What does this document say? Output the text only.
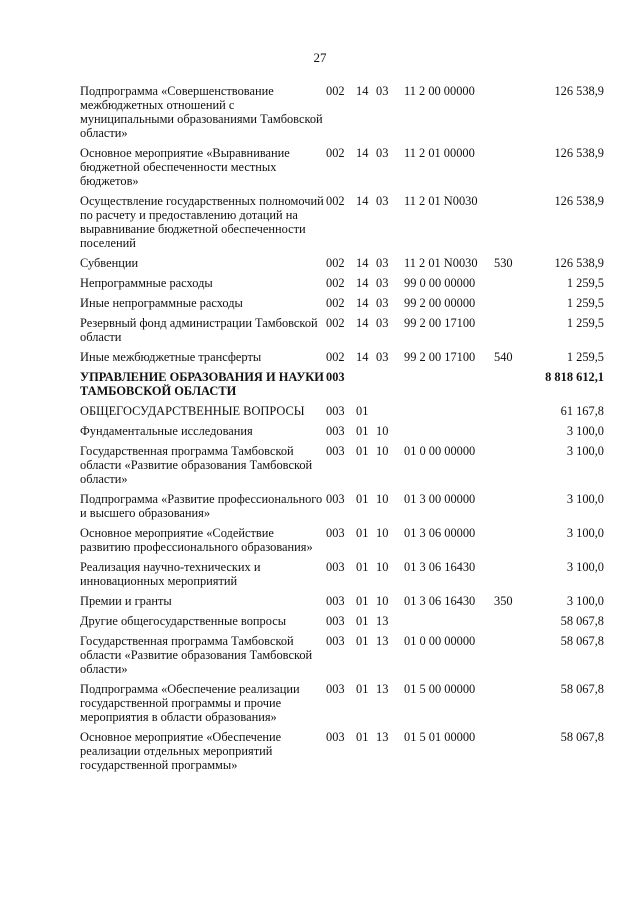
27
Подпрограмма «Совершенствование межбюджетных отношений с муниципальными образованиями Тамбовской области»	002	14	03	11 2 00 00000		126 538,9
Основное мероприятие «Выравнивание бюджетной обеспеченности местных бюджетов»	002	14	03	11 2 01 00000		126 538,9
Осуществление государственных полномочий по расчету и предоставлению дотаций на выравнивание бюджетной обеспеченности поселений	002	14	03	11 2 01 N0030		126 538,9
Субвенции	002	14	03	11 2 01 N0030	530	126 538,9
Непрограммные расходы	002	14	03	99 0 00 00000		1 259,5
Иные непрограммные расходы	002	14	03	99 2 00 00000		1 259,5
Резервный фонд администрации Тамбовской области	002	14	03	99 2 00 17100		1 259,5
Иные межбюджетные трансферты	002	14	03	99 2 00 17100	540	1 259,5
УПРАВЛЕНИЕ ОБРАЗОВАНИЯ И НАУКИ ТАМБОВСКОЙ ОБЛАСТИ	003					8 818 612,1
ОБЩЕГОСУДАРСТВЕННЫЕ ВОПРОСЫ	003	01				61 167,8
Фундаментальные исследования	003	01	10			3 100,0
Государственная программа Тамбовской области «Развитие образования Тамбовской области»	003	01	10	01 0 00 00000		3 100,0
Подпрограмма «Развитие профессионального и высшего образования»	003	01	10	01 3 00 00000		3 100,0
Основное мероприятие «Содействие развитию профессионального образования»	003	01	10	01 3 06 00000		3 100,0
Реализация научно-технических и инновационных мероприятий	003	01	10	01 3 06 16430		3 100,0
Премии и гранты	003	01	10	01 3 06 16430	350	3 100,0
Другие общегосударственные вопросы	003	01	13			58 067,8
Государственная программа Тамбовской области «Развитие образования Тамбовской области»	003	01	13	01 0 00 00000		58 067,8
Подпрограмма «Обеспечение реализации государственной программы и прочие мероприятия в области образования»	003	01	13	01 5 00 00000		58 067,8
Основное мероприятие «Обеспечение реализации отдельных мероприятий государственной программы»	003	01	13	01 5 01 00000		58 067,8
